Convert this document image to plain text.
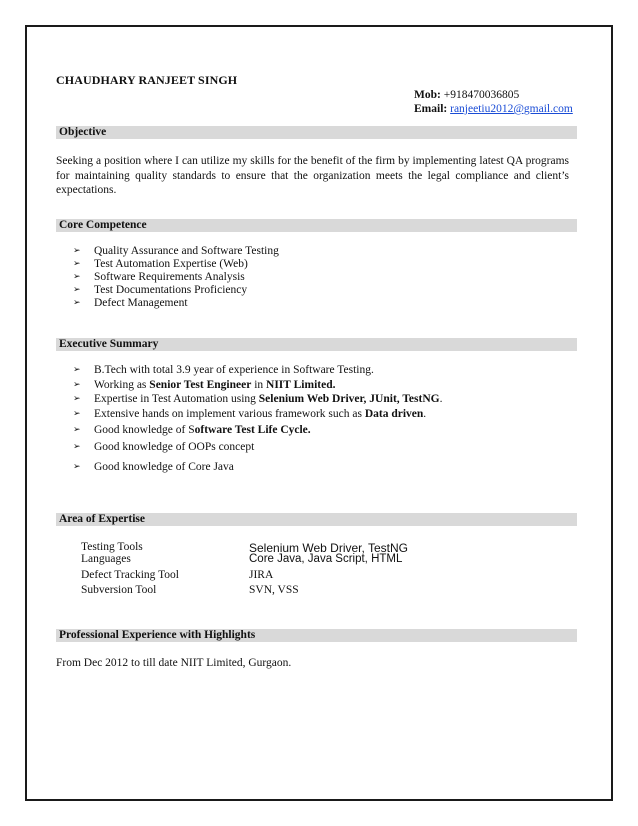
CHAUDHARY RANJEET SINGH
Mob: +918470036805
Email: ranjeetiu2012@gmail.com
Objective
Seeking a position where I can utilize my skills for the benefit of the firm by implementing latest QA programs for maintaining quality standards to ensure that the organization meets the legal compliance and client’s expectations.
Core Competence
➢ Quality Assurance and Software Testing
➢ Test Automation Expertise (Web)
➢ Software Requirements Analysis
➢ Test Documentations Proficiency
➢ Defect Management
Executive Summary
➢ B.Tech with total 3.9 year of experience in Software Testing.
➢ Working as Senior Test Engineer in NIIT Limited.
➢ Expertise in Test Automation using Selenium Web Driver, JUnit, TestNG.
➢ Extensive hands on implement various framework such as Data driven.
➢ Good knowledge of Software Test Life Cycle.
➢ Good knowledge of OOPs concept
➢ Good knowledge of Core Java
Area of Expertise
Testing Tools	Selenium Web Driver, TestNG
Languages	Core Java, Java Script, HTML
Defect Tracking Tool	JIRA
Subversion Tool	SVN, VSS
Professional Experience with Highlights
From Dec 2012 to till date NIIT Limited, Gurgaon.
